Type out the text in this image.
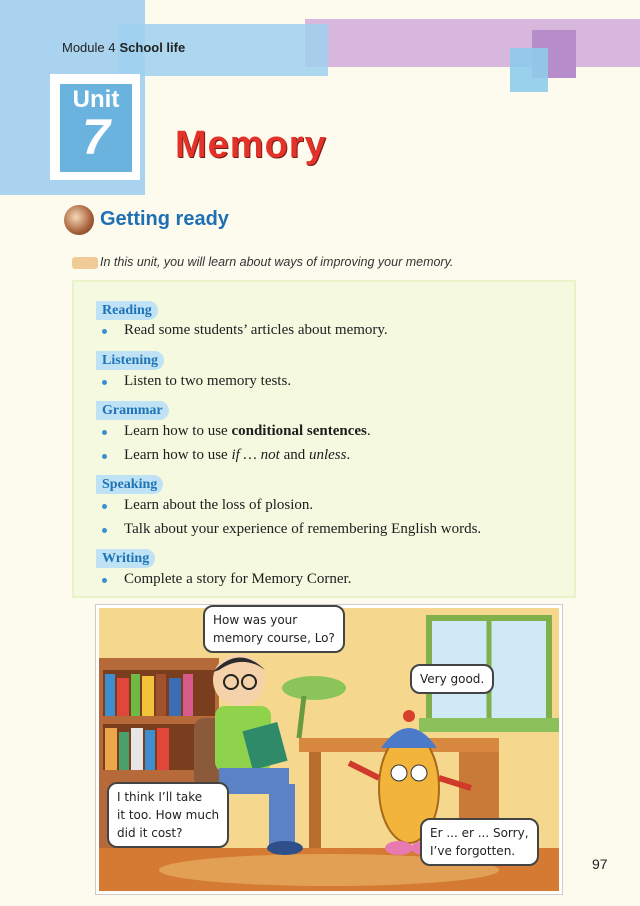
Module 4 School life
Unit
7	Memory
Getting ready
In this unit, you will learn about ways of improving your memory.
Reading
Read some students’ articles about memory.
Listening
Listen to two memory tests.
Grammar
Learn how to use conditional sentences.
Learn how to use if … not and unless.
Speaking
Learn about the loss of plosion.
Talk about your experience of remembering English words.
Writing
Complete a story for Memory Corner.
How was your
memory course, Lo?
Very good.
I think I’ll take
it too. How much
did it cost?	Er ... er ... Sorry,
I’ve forgotten.
97
